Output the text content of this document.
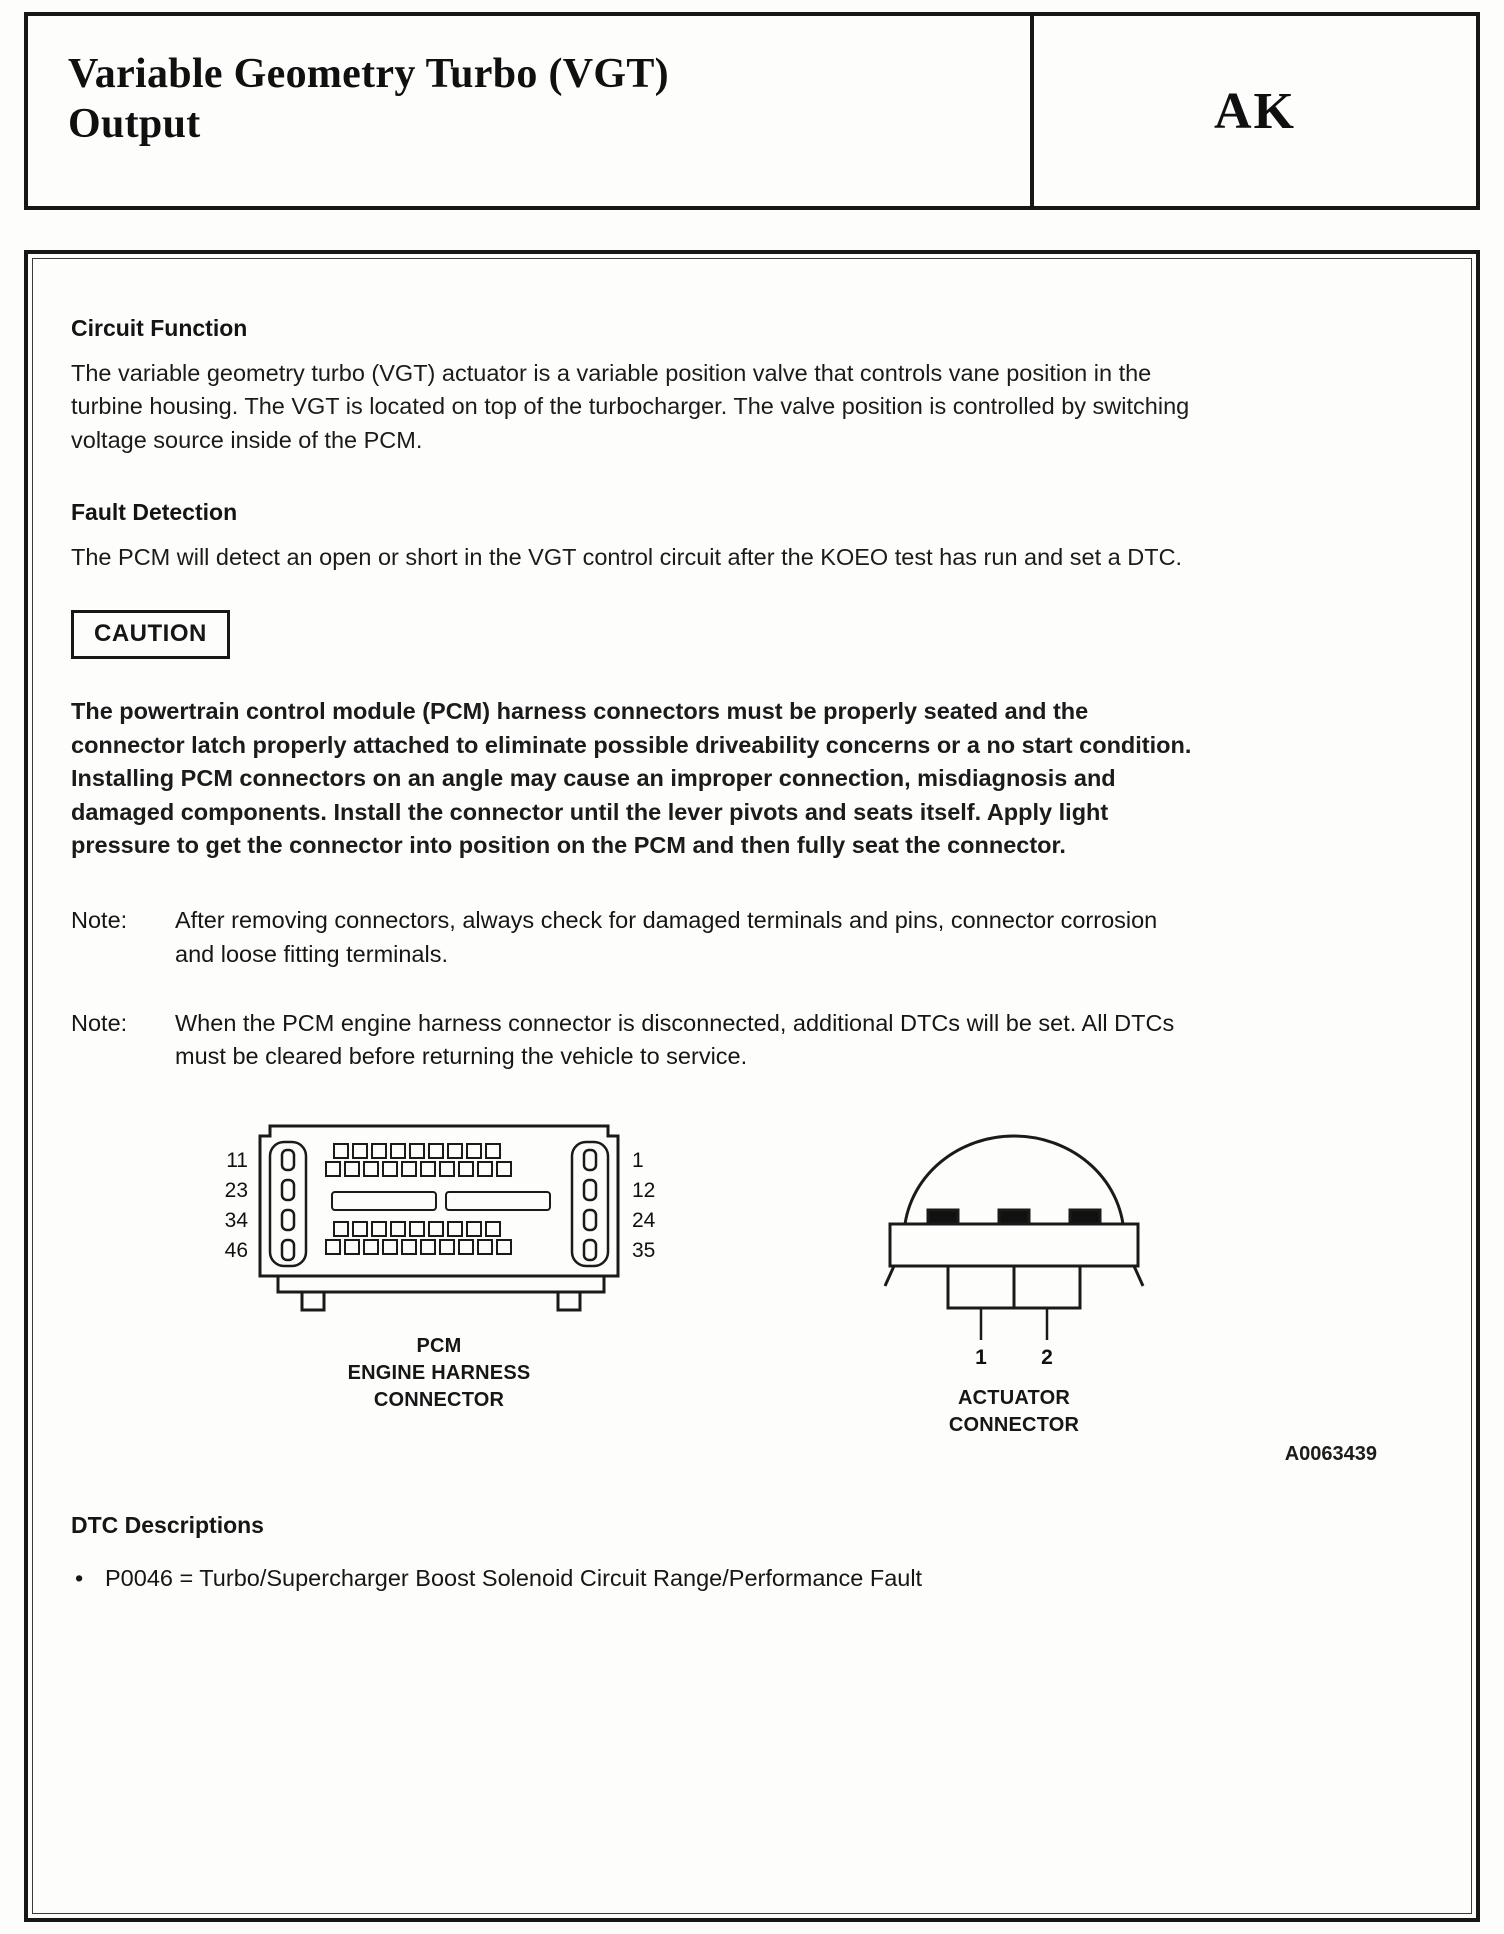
Variable Geometry Turbo (VGT)
Output	AK
Circuit Function
The variable geometry turbo (VGT) actuator is a variable position valve that controls vane position in the turbine housing. The VGT is located on top of the turbocharger. The valve position is controlled by switching voltage source inside of the PCM.
Fault Detection
The PCM will detect an open or short in the VGT control circuit after the KOEO test has run and set a DTC.
CAUTION
The powertrain control module (PCM) harness connectors must be properly seated and the connector latch properly attached to eliminate possible driveability concerns or a no start condition. Installing PCM connectors on an angle may cause an improper connection, misdiagnosis and damaged components. Install the connector until the lever pivots and seats itself. Apply light pressure to get the connector into position on the PCM and then fully seat the connector.
Note:	After removing connectors, always check for damaged terminals and pins, connector corrosion and loose fitting terminals.
Note:	When the PCM engine harness connector is disconnected, additional DTCs will be set. All DTCs must be cleared before returning the vehicle to service.
11
23
34
46
1
12
24
35
PCM
ENGINE HARNESS
CONNECTOR
1	2
ACTUATOR
CONNECTOR
A0063439
DTC Descriptions
• P0046 = Turbo/Supercharger Boost Solenoid Circuit Range/Performance Fault
